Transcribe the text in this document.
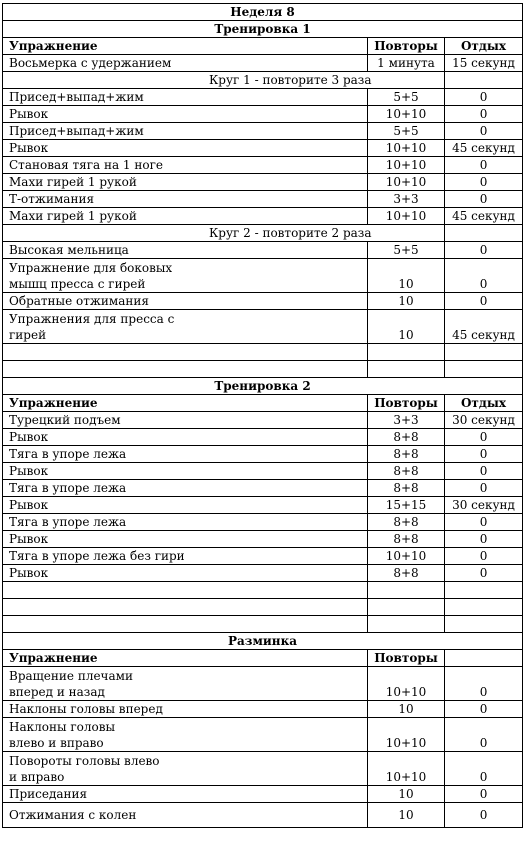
Неделя 8			
Тренировка 1			
Упражнение		Повторы	Отдых
Восьмерка с удержанием		1 минута	15 секунд
	Круг 1 - повторите 3 раза		
Присед+выпад+жим		5+5	0
Рывок		10+10	0
Присед+выпад+жим		5+5	0
Рывок		10+10	45 секунд
Становая тяга на 1 ноге		10+10	0
Махи гирей 1 рукой		10+10	0
Т-отжимания		3+3	0
Махи гирей 1 рукой		10+10	45 секунд
	Круг 2 - повторите 2 раза		
Высокая мельница		5+5	0
Упражнение для боковых мышц пресса с гирей		10	0
Обратные отжимания		10	0
Упражнения для пресса с гирей		10	45 секунд

Тренировка 2			
Упражнение		Повторы	Отдых
Турецкий подъем		3+3	30 секунд
Рывок		8+8	0
Тяга в упоре лежа		8+8	0
Рывок		8+8	0
Тяга в упоре лежа		8+8	0
Рывок		15+15	30 секунд
Тяга в упоре лежа		8+8	0
Рывок		8+8	0
Тяга в упоре лежа без гири		10+10	0
Рывок		8+8	0

Разминка			
Упражнение		Повторы	
Вращение плечами вперед и назад		10+10	0
Наклоны головы вперед		10	0
Наклоны головы влево и вправо		10+10	0
Повороты головы влево и вправо		10+10	0
Приседания		10	0
Отжимания с колен		10	0
